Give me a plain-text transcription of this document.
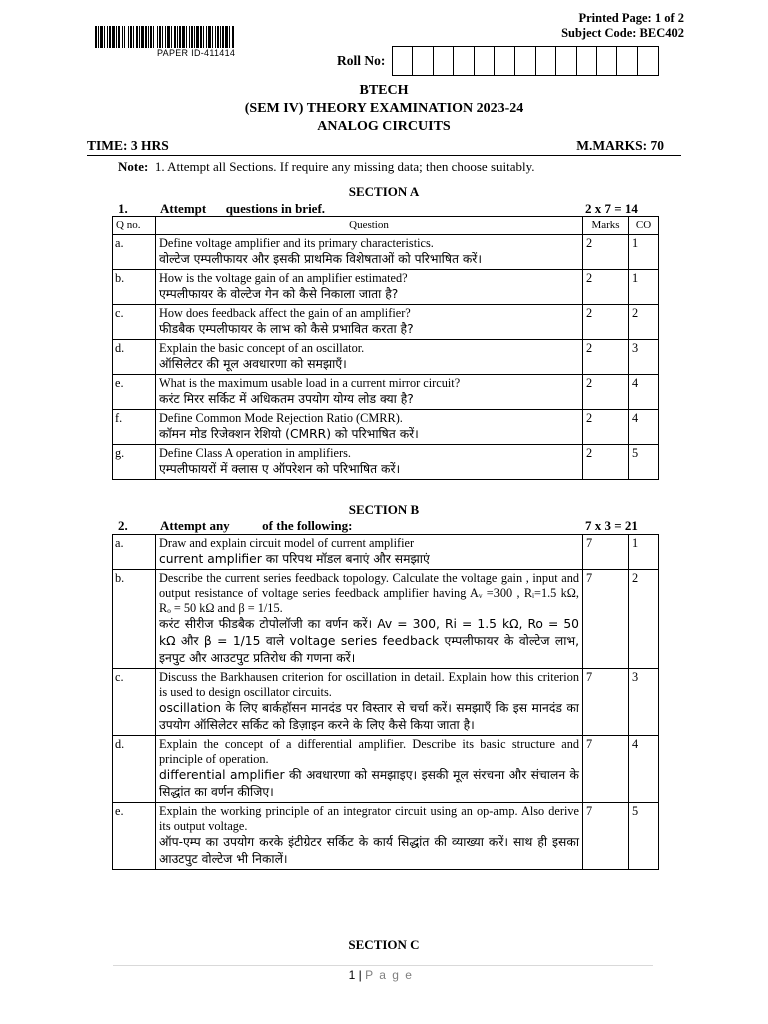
PAPER ID-411414
Printed Page: 1 of 2
Subject Code: BEC402
Roll No:
BTECH
(SEM IV) THEORY EXAMINATION 2023-24
ANALOG CIRCUITS
TIME: 3 HRS	M.MARKS: 70
Note:  1. Attempt all Sections. If require any missing data; then choose suitably.
SECTION A
1. Attempt      questions in brief.	2 x 7 = 14
Q no.	Question	Marks	CO
a.	Define voltage amplifier and its primary characteristics.
वोल्टेज एम्पलीफायर और इसकी प्राथमिक विशेषताओं को परिभाषित करें।	2	1
b.	How is the voltage gain of an amplifier estimated?
एम्पलीफायर के वोल्टेज गेन को कैसे निकाला जाता है?	2	1
c.	How does feedback affect the gain of an amplifier?
फीडबैक एम्पलीफायर के लाभ को कैसे प्रभावित करता है?	2	2
d.	Explain the basic concept of an oscillator.
ऑसिलेटर की मूल अवधारणा को समझाएँ।	2	3
e.	What is the maximum usable load in a current mirror circuit?
करंट मिरर सर्किट में अधिकतम उपयोग योग्य लोड क्या है?	2	4
f.	Define Common Mode Rejection Ratio (CMRR).
कॉमन मोड रिजेक्शन रेशियो (CMRR) को परिभाषित करें।	2	4
g.	Define Class A operation in amplifiers.
एम्पलीफायरों में क्लास ए ऑपरेशन को परिभाषित करें।	2	5
SECTION B
2. Attempt any          of the following:	7 x 3 = 21
a.	Draw and explain circuit model of current amplifier
current amplifier का परिपथ मॉडल बनाएं और समझाएं	7	1
b.	Describe the current series feedback topology. Calculate the voltage gain , input and output resistance of voltage series feedback amplifier having Aᵥ =300 , Rᵢ=1.5 kΩ, Rₒ = 50 kΩ and β = 1/15.
करंट सीरीज फीडबैक टोपोलॉजी का वर्णन करें। Av = 300, Ri = 1.5 kΩ, Ro = 50 kΩ और β = 1/15 वाले voltage series feedback एम्पलीफायर के वोल्टेज लाभ, इनपुट और आउटपुट प्रतिरोध की गणना करें।	7	2
c.	Discuss the Barkhausen criterion for oscillation in detail. Explain how this criterion is used to design oscillator circuits.
oscillation के लिए बार्कहॉसन मानदंड पर विस्तार से चर्चा करें। समझाएँ कि इस मानदंड का उपयोग ऑसिलेटर सर्किट को डिज़ाइन करने के लिए कैसे किया जाता है।	7	3
d.	Explain the concept of a differential amplifier. Describe its basic structure and principle of operation.
differential amplifier की अवधारणा को समझाइए। इसकी मूल संरचना और संचालन के सिद्धांत का वर्णन कीजिए।	7	4
e.	Explain the working principle of an integrator circuit using an op-amp. Also derive its output voltage.
ऑप-एम्प का उपयोग करके इंटीग्रेटर सर्किट के कार्य सिद्धांत की व्याख्या करें। साथ ही इसका आउटपुट वोल्टेज भी निकालें।	7	5
SECTION C
1 | P a g e
